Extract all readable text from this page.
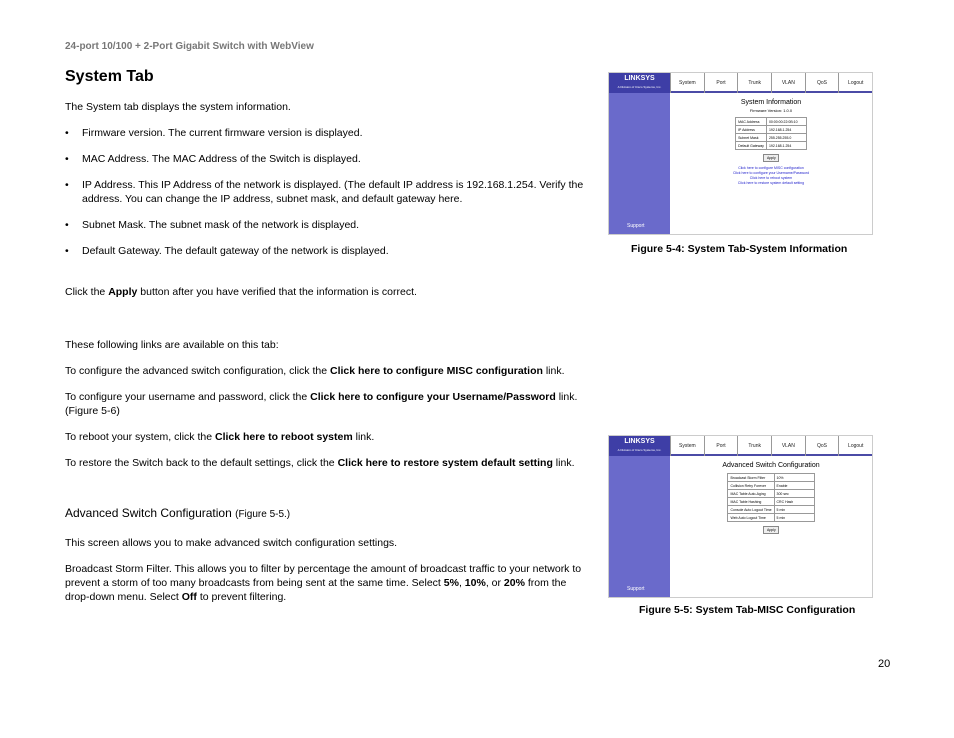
24-port 10/100 + 2-Port Gigabit Switch with WebView
System Tab

The System tab displays the system information.

• Firmware version. The current firmware version is displayed.

• MAC Address. The MAC Address of the Switch is displayed.

• IP Address. This IP Address of the network is displayed. (The default IP address is 192.168.1.254. Verify the address. You can change the IP address, subnet mask, and default gateway here.

• Subnet Mask. The subnet mask of the network is displayed.

• Default Gateway. The default gateway of the network is displayed.

Click the Apply button after you have verified that the information is correct.

These following links are available on this tab:

To configure the advanced switch configuration, click the Click here to configure MISC configuration link.

To configure your username and password, click the Click here to configure your Username/Password link. (Figure 5-6)

To reboot your system, click the Click here to reboot system link.

To restore the Switch back to the default settings, click the Click here to restore system default setting link.

Advanced Switch Configuration (Figure 5-5.)

This screen allows you to make advanced switch configuration settings.

Broadcast Storm Filter. This allows you to filter by percentage the amount of broadcast traffic to your network to prevent a storm of too many broadcasts from being sent at the same time. Select 5%, 10%, or 20% from the drop-down menu. Select Off to prevent filtering.

LINKSYS
A Division of Cisco Systems, Inc.
System	Port	Trunk	VLAN	QoS	Logout
Support
System Information
Firmware Version: 1.0.0
MAC Address	00:00:00:22:0B:10
IP Address	192.168.1.254
Subnet Mask	255.255.255.0
Default Gateway	192.168.1.254
Apply
Click here to configure MISC configuration
Click here to configure your Username/Password
Click here to reboot system
Click here to restore system default setting
Figure 5-4: System Tab-System Information
LINKSYS
A Division of Cisco Systems, Inc.
System	Port	Trunk	VLAN	QoS	Logout
Support
Advanced Switch Configuration
Broadcast Storm Filter	10%
Collision Retry Forever	Enable
MAC Table Auto-Aging	300 sec
MAC Table Hashing	CRC Hash
Console Auto Logout Time	5 min
Web Auto Logout Time	5 min
Apply
Figure 5-5: System Tab-MISC Configuration
20
